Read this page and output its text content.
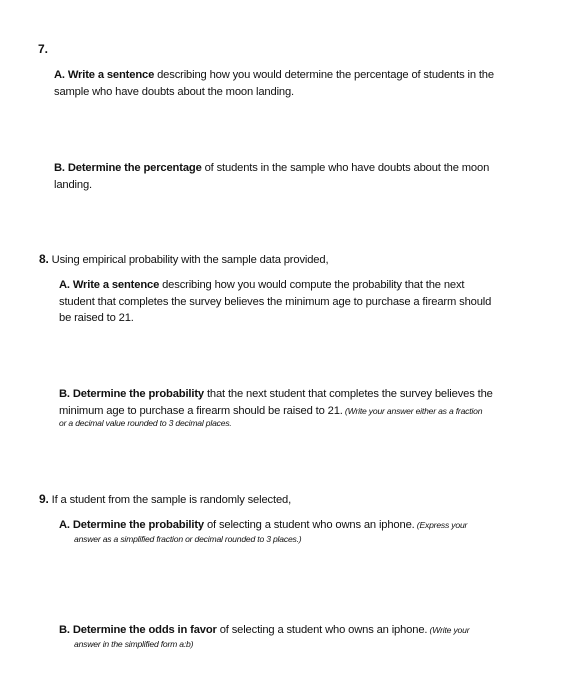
7.
A. Write a sentence describing how you would determine the percentage of students in the
sample who have doubts about the moon landing.
B. Determine the percentage of students in the sample who have doubts about the moon
landing.
8. Using empirical probability with the sample data provided,
A. Write a sentence describing how you would compute the probability that the next
student that completes the survey believes the minimum age to purchase a firearm should
be raised to 21.
B. Determine the probability that the next student that completes the survey believes the
minimum age to purchase a firearm should be raised to 21. (Write your answer either as a fraction
or a decimal value rounded to 3 decimal places.
9. If a student from the sample is randomly selected,
A. Determine the probability of selecting a student who owns an iphone. (Express your
answer as a simplified fraction or decimal rounded to 3 places.)
B. Determine the odds in favor of selecting a student who owns an iphone. (Write your
answer in the simplified form a:b)
